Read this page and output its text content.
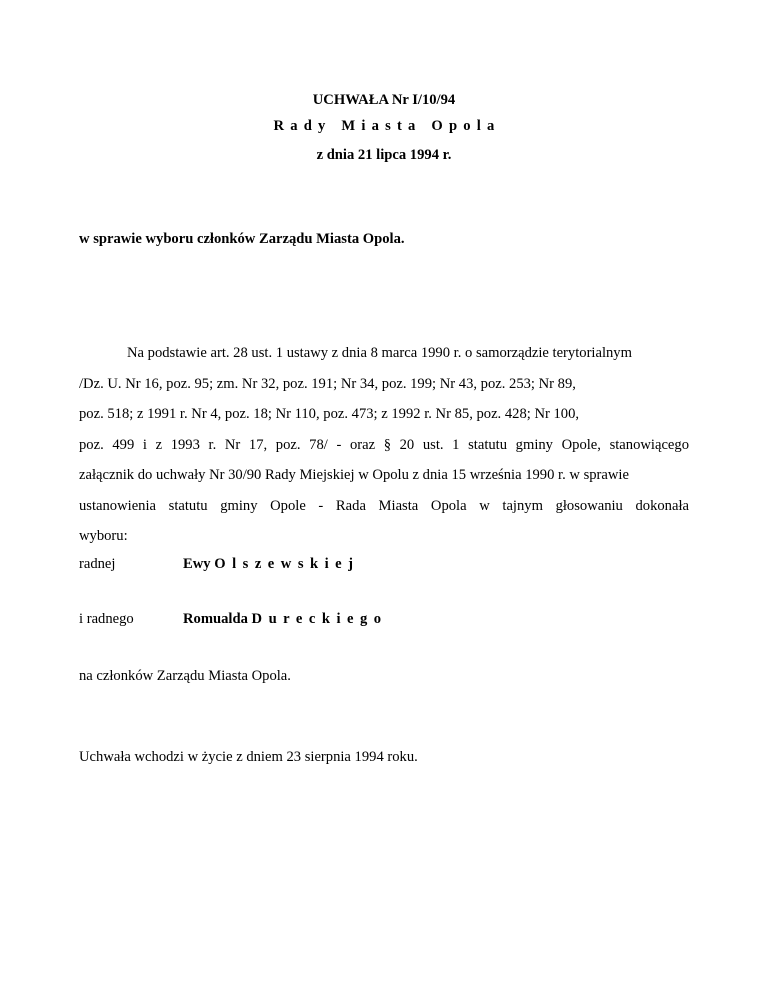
UCHWAŁA Nr I/10/94
Rady Miasta Opola
z dnia 21 lipca 1994 r.
w sprawie wyboru członków Zarządu Miasta Opola.
Na podstawie art. 28 ust. 1 ustawy z dnia 8 marca 1990 r. o samorządzie terytorialnym
/Dz. U. Nr 16, poz. 95; zm. Nr 32, poz. 191; Nr 34, poz. 199; Nr 43, poz. 253; Nr 89,
poz. 518; z 1991 r. Nr 4, poz. 18; Nr 110, poz. 473; z 1992 r. Nr 85, poz. 428; Nr 100,
poz. 499 i z 1993 r. Nr 17, poz. 78/ - oraz § 20 ust. 1 statutu gminy Opole, stanowiącego
załącznik do uchwały Nr 30/90 Rady Miejskiej w Opolu z dnia 15 września 1990 r. w sprawie
ustanowienia statutu gminy Opole - Rada Miasta Opola w tajnym głosowaniu dokonała
wyboru:
radnej	Ewy Olszewskiej
i radnego	Romualda Dureckiego
na członków Zarządu Miasta Opola.
Uchwała wchodzi w życie z dniem 23 sierpnia 1994 roku.
